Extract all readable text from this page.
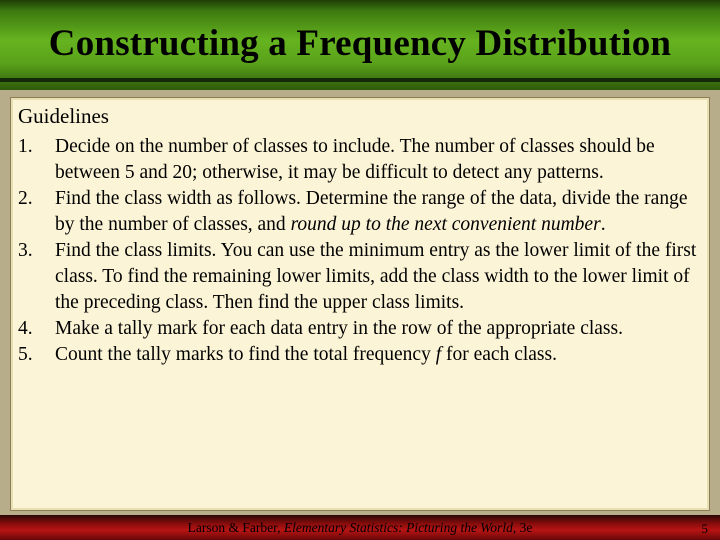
Constructing a Frequency Distribution
Guidelines
1. Decide on the number of classes to include. The number of classes should be between 5 and 20; otherwise, it may be difficult to detect any patterns.
2. Find the class width as follows. Determine the range of the data, divide the range by the number of classes, and round up to the next convenient number.
3. Find the class limits. You can use the minimum entry as the lower limit of the first class. To find the remaining lower limits, add the class width to the lower limit of the preceding class. Then find the upper class limits.
4. Make a tally mark for each data entry in the row of the appropriate class.
5. Count the tally marks to find the total frequency f for each class.
Larson & Farber, Elementary Statistics: Picturing the World, 3e	5
